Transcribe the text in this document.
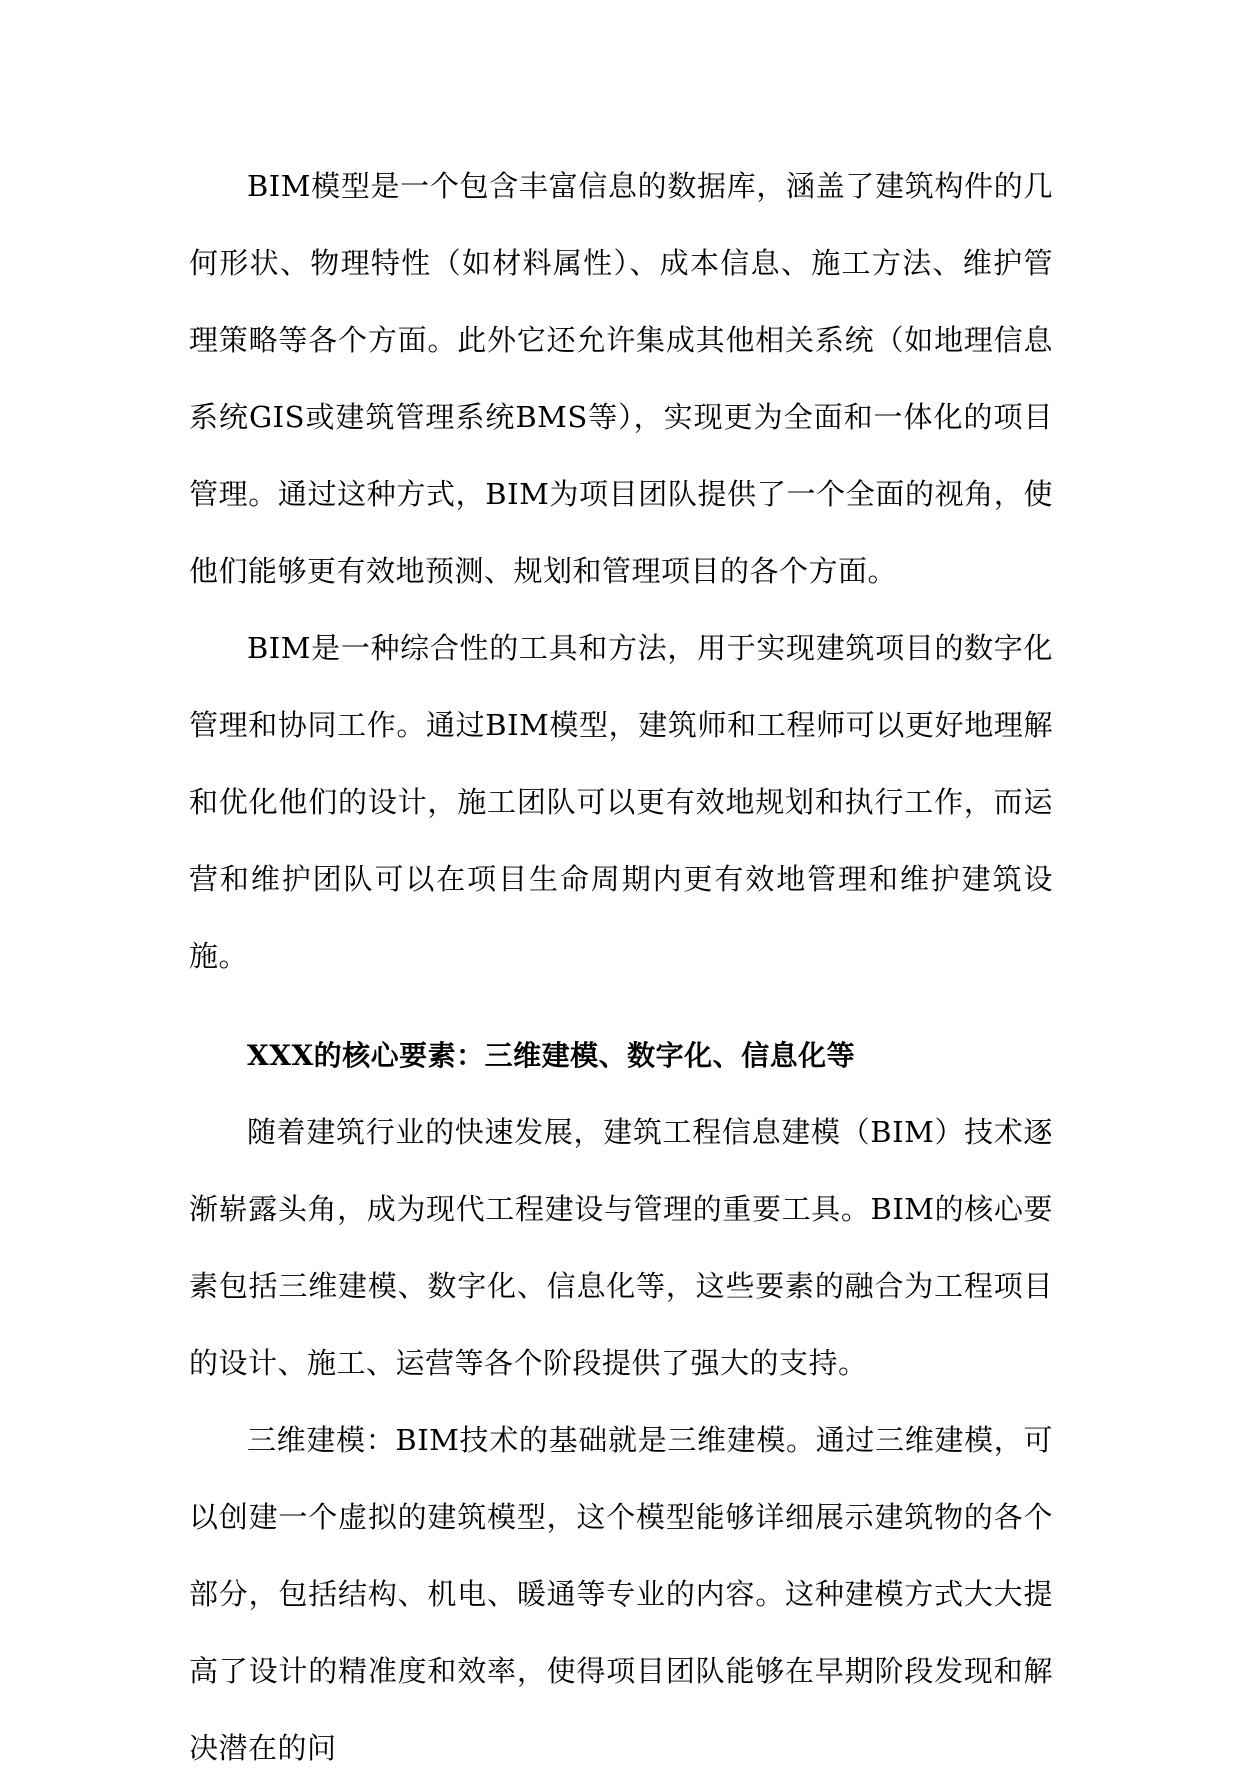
BIM模型是一个包含丰富信息的数据库，涵盖了建筑构件的几何形状、物理特性（如材料属性）、成本信息、施工方法、维护管理策略等各个方面。此外它还允许集成其他相关系统（如地理信息系统GIS或建筑管理系统BMS等），实现更为全面和一体化的项目管理。通过这种方式，BIM为项目团队提供了一个全面的视角，使他们能够更有效地预测、规划和管理项目的各个方面。

BIM是一种综合性的工具和方法，用于实现建筑项目的数字化管理和协同工作。通过BIM模型，建筑师和工程师可以更好地理解和优化他们的设计，施工团队可以更有效地规划和执行工作，而运营和维护团队可以在项目生命周期内更有效地管理和维护建筑设施。

XXX的核心要素：三维建模、数字化、信息化等

随着建筑行业的快速发展，建筑工程信息建模（BIM）技术逐渐崭露头角，成为现代工程建设与管理的重要工具。BIM的核心要素包括三维建模、数字化、信息化等，这些要素的融合为工程项目的设计、施工、运营等各个阶段提供了强大的支持。

三维建模：BIM技术的基础就是三维建模。通过三维建模，可以创建一个虚拟的建筑模型，这个模型能够详细展示建筑物的各个部分，包括结构、机电、暖通等专业的内容。这种建模方式大大提高了设计的精准度和效率，使得项目团队能够在早期阶段发现和解决潜在的问
